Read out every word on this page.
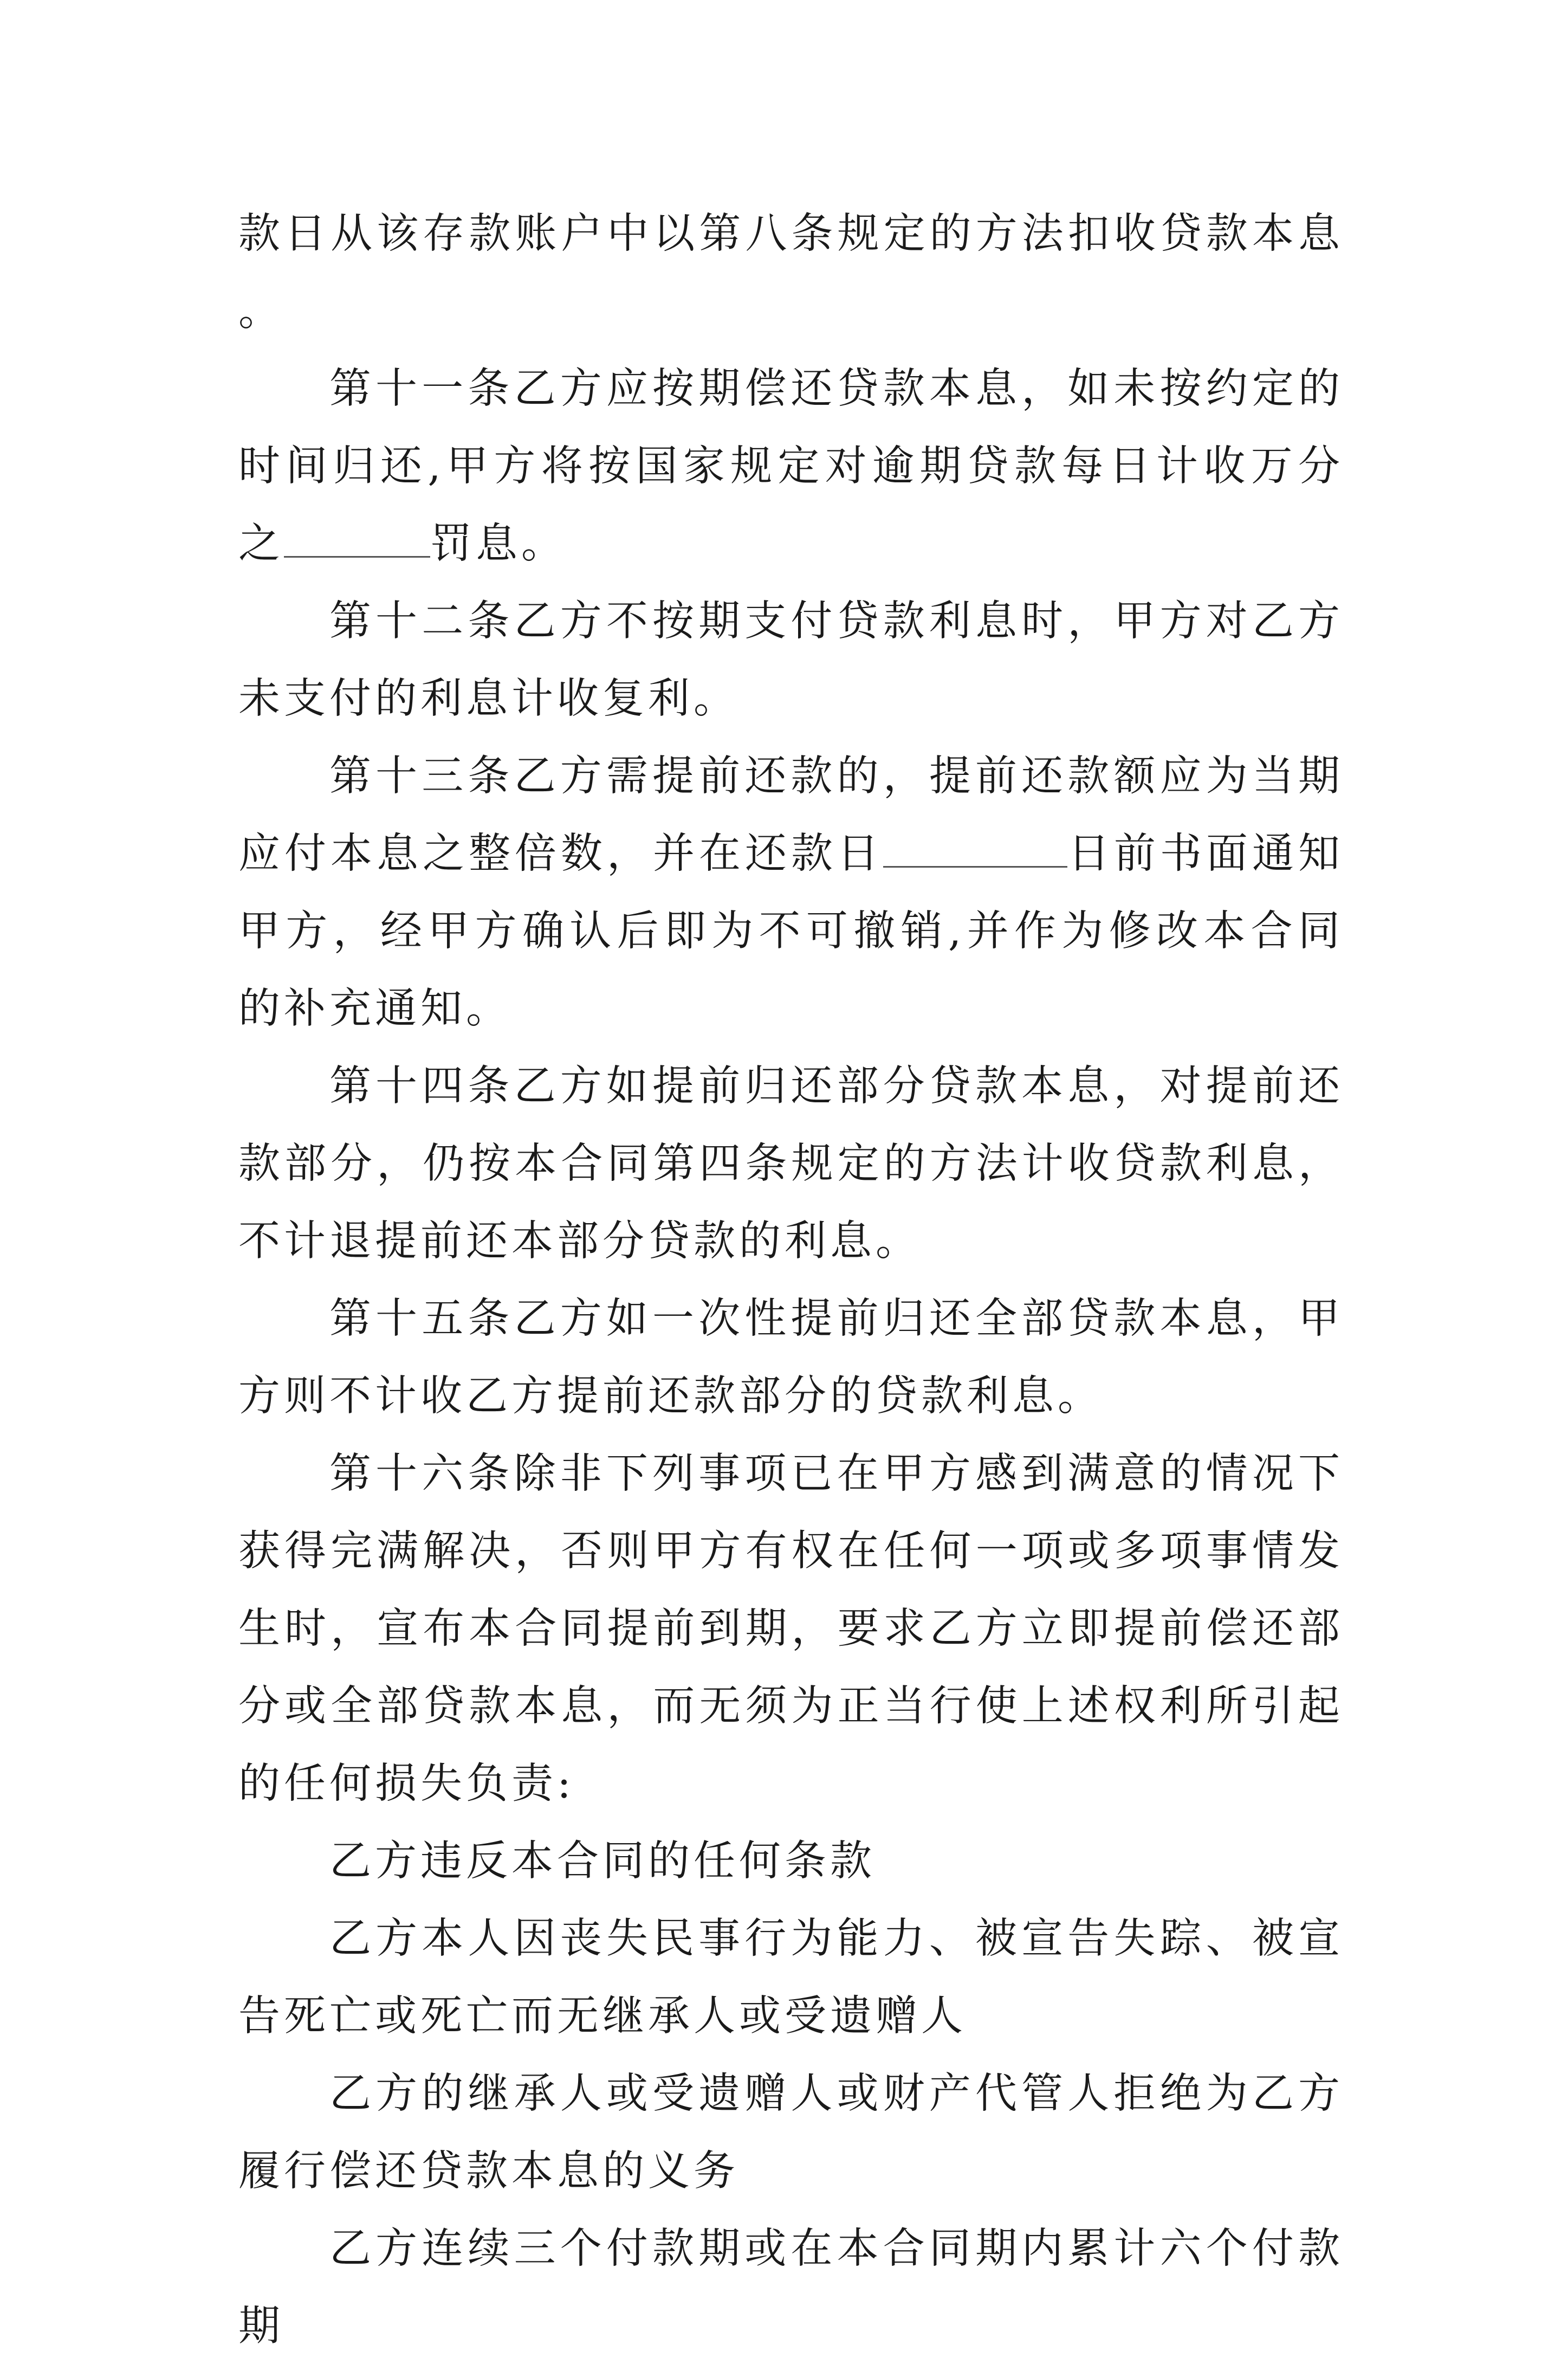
款日从该存款账户中以第八条规定的方法扣收贷款本息。

第十一条乙方应按期偿还贷款本息，如未按约定的时间归还,甲方将按国家规定对逾期贷款每日计收万分之	罚息。

第十二条乙方不按期支付贷款利息时，甲方对乙方未支付的利息计收复利。

第十三条乙方需提前还款的，提前还款额应为当期应付本息之整倍数，并在还款日	日前书面通知甲方，经甲方确认后即为不可撤销,并作为修改本合同的补充通知。

第十四条乙方如提前归还部分贷款本息，对提前还款部分，仍按本合同第四条规定的方法计收贷款利息，不计退提前还本部分贷款的利息。

第十五条乙方如一次性提前归还全部贷款本息，甲方则不计收乙方提前还款部分的贷款利息。

第十六条除非下列事项已在甲方感到满意的情况下获得完满解决，否则甲方有权在任何一项或多项事情发生时，宣布本合同提前到期，要求乙方立即提前偿还部分或全部贷款本息，而无须为正当行使上述权利所引起的任何损失负责:

乙方违反本合同的任何条款

乙方本人因丧失民事行为能力、被宣告失踪、被宣告死亡或死亡而无继承人或受遗赠人

乙方的继承人或受遗赠人或财产代管人拒绝为乙方履行偿还贷款本息的义务

乙方连续三个付款期或在本合同期内累计六个付款期
